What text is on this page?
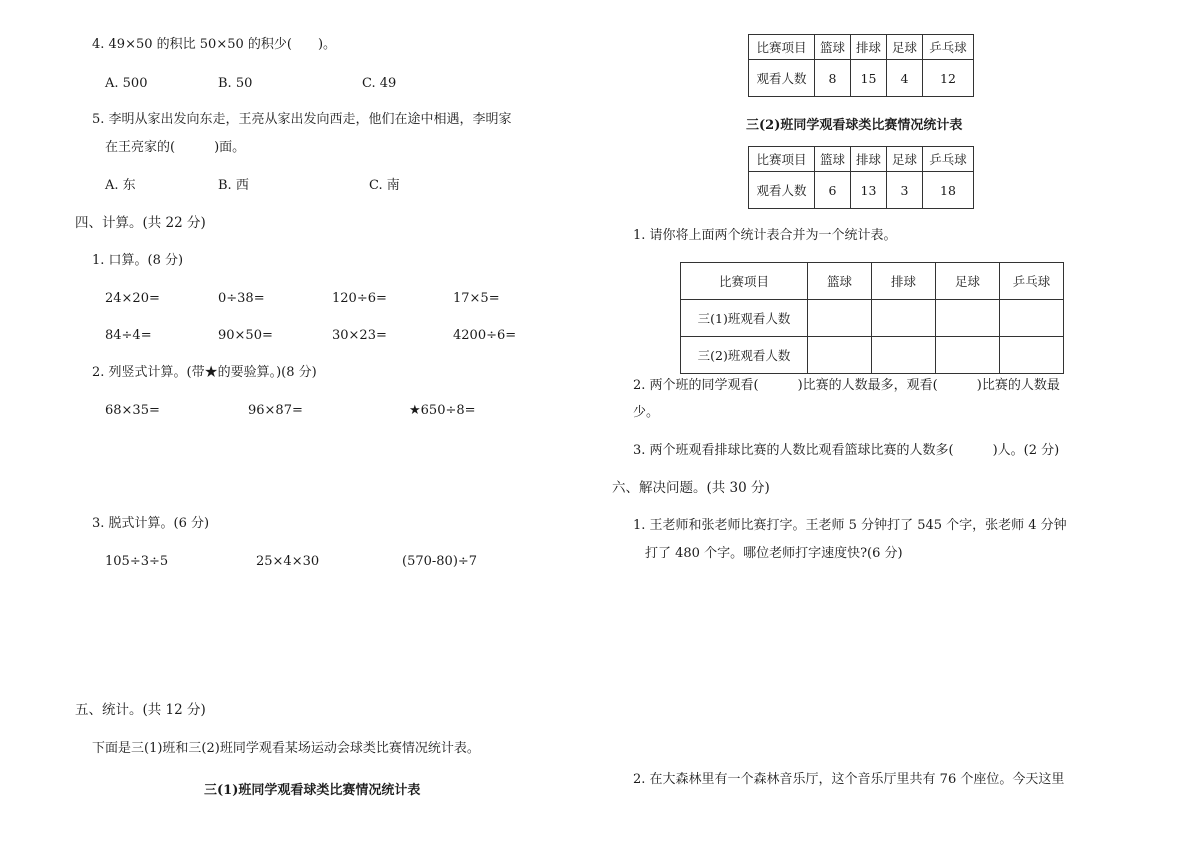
4. 49×50 的积比 50×50 的积少(　　)。
A. 500	B. 50	C. 49
5. 李明从家出发向东走，王亮从家出发向西走，他们在途中相遇，李明家
在王亮家的(　　　)面。
A. 东	B. 西	C. 南
四、计算。(共 22 分)
1. 口算。(8 分)
24×20=	0÷38=	120÷6=	17×5=
84÷4=	90×50=	30×23=	4200÷6=
2. 列竖式计算。(带★的要验算。)(8 分)
68×35=	96×87=	★650÷8=
3. 脱式计算。(6 分)
105÷3÷5	25×4×30	(570-80)÷7
五、统计。(共 12 分)
下面是三(1)班和三(2)班同学观看某场运动会球类比赛情况统计表。
三(1)班同学观看球类比赛情况统计表
比赛项目	篮球	排球	足球	乒乓球
观看人数	8	15	4	12
三(2)班同学观看球类比赛情况统计表
比赛项目	篮球	排球	足球	乒乓球
观看人数	6	13	3	18
1. 请你将上面两个统计表合并为一个统计表。
比赛项目	篮球	排球	足球	乒乓球
三(1)班观看人数				
三(2)班观看人数				
2. 两个班的同学观看(　　　)比赛的人数最多，观看(　　　)比赛的人数最
少。
3. 两个班观看排球比赛的人数比观看篮球比赛的人数多(　　　)人。(2 分)
六、解决问题。(共 30 分)
1. 王老师和张老师比赛打字。王老师 5 分钟打了 545 个字，张老师 4 分钟
打了 480 个字。哪位老师打字速度快?(6 分)
2. 在大森林里有一个森林音乐厅，这个音乐厅里共有 76 个座位。今天这里
